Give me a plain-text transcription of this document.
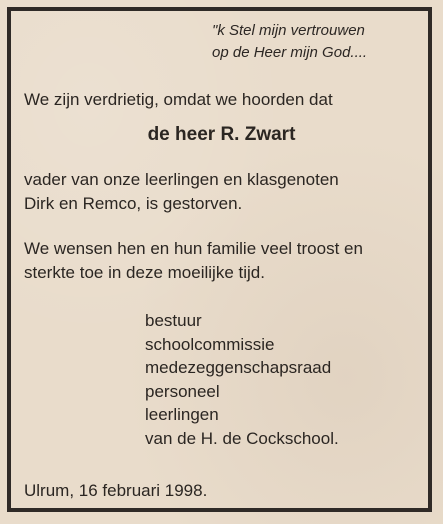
"k Stel mijn vertrouwen
op de Heer mijn God....
We zijn verdrietig, omdat we hoorden dat
de heer R. Zwart
vader van onze leerlingen en klasgenoten
Dirk en Remco, is gestorven.
We wensen hen en hun familie veel troost en
sterkte toe in deze moeilijke tijd.
bestuur
schoolcommissie
medezeggenschapsraad
personeel
leerlingen
van de H. de Cockschool.
Ulrum, 16 februari 1998.
